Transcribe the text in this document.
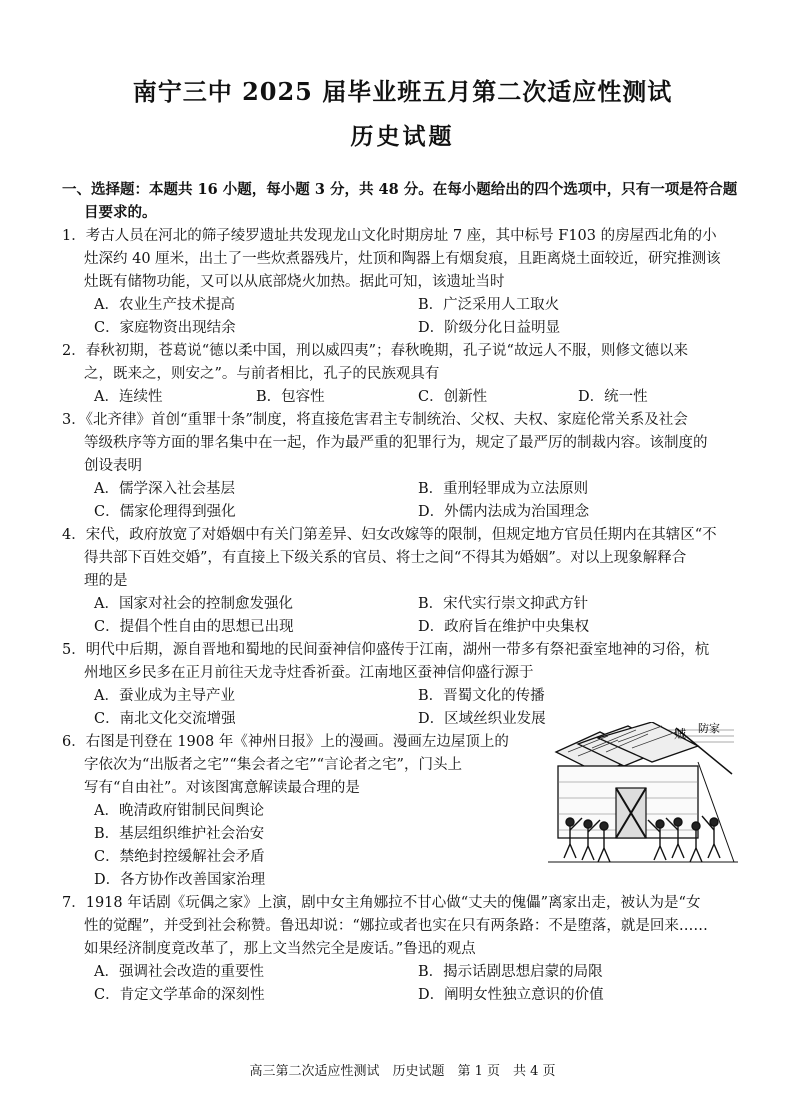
南宁三中 2025 届毕业班五月第二次适应性测试
历史试题
一、选择题：本题共 16 小题，每小题 3 分，共 48 分。在每小题给出的四个选项中，只有一项是符合题
目要求的。
1．考古人员在河北的筛子绫罗遗址共发现龙山文化时期房址 7 座，其中标号 F103 的房屋西北角的小
灶深约 40 厘米，出土了一些炊煮器残片，灶顶和陶器上有烟炱痕，且距离烧土面较近，研究推测该
灶既有储物功能，又可以从底部烧火加热。据此可知，该遗址当时
A．农业生产技术提高	B．广泛采用人工取火
C．家庭物资出现结余	D．阶级分化日益明显
2．春秋初期，苍葛说“德以柔中国，刑以威四夷”；春秋晚期，孔子说“故远人不服，则修文德以来
之，既来之，则安之”。与前者相比，孔子的民族观具有
A．连续性	B．包容性	C．创新性	D．统一性
3．《北齐律》首创“重罪十条”制度，将直接危害君主专制统治、父权、夫权、家庭伦常关系及社会
等级秩序等方面的罪名集中在一起，作为最严重的犯罪行为，规定了最严厉的制裁内容。该制度的
创设表明
A．儒学深入社会基层	B．重刑轻罪成为立法原则
C．儒家伦理得到强化	D．外儒内法成为治国理念
4．宋代，政府放宽了对婚姻中有关门第差异、妇女改嫁等的限制，但规定地方官员任期内在其辖区“不
得共部下百姓交婚”，有直接上下级关系的官员、将士之间“不得其为婚姻”。对以上现象解释合
理的是
A．国家对社会的控制愈发强化	B．宋代实行崇文抑武方针
C．提倡个性自由的思想已出现	D．政府旨在维护中央集权
5．明代中后期，源自晋地和蜀地的民间蚕神信仰盛传于江南，湖州一带多有祭祀蚕室地神的习俗，杭
州地区乡民多在正月前往天龙寺炷香祈蚕。江南地区蚕神信仰盛行源于
A．蚕业成为主导产业	B．晋蜀文化的传播
C．南北文化交流增强	D．区域丝织业发展
6．右图是刊登在 1908 年《神州日报》上的漫画。漫画左边屋顶上的
字依次为“出版者之宅”“集会者之宅”“言论者之宅”，门头上
写有“自由社”。对该图寓意解读最合理的是
A．晚清政府钳制民间舆论
B．基层组织维护社会治安
C．禁绝封控缓解社会矛盾
D．各方协作改善国家治理
贼 防家
7．1918 年话剧《玩偶之家》上演，剧中女主角娜拉不甘心做“丈夫的傀儡”离家出走，被认为是“女
性的觉醒”，并受到社会称赞。鲁迅却说：“娜拉或者也实在只有两条路：不是堕落，就是回来……
如果经济制度竟改革了，那上文当然完全是废话。”鲁迅的观点
A．强调社会改造的重要性	B．揭示话剧思想启蒙的局限
C．肯定文学革命的深刻性	D．阐明女性独立意识的价值
高三第二次适应性测试　历史试题　第 1 页　共 4 页
